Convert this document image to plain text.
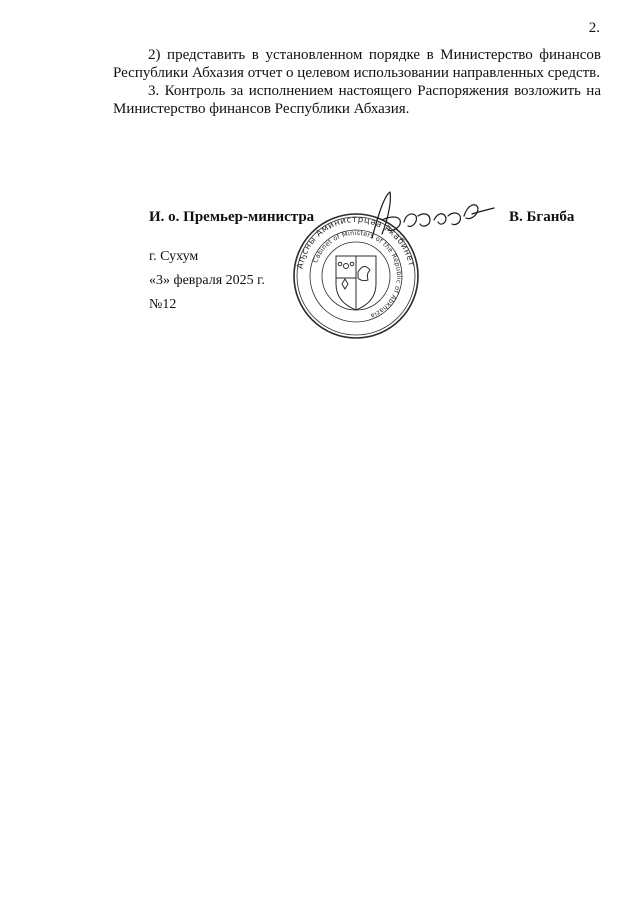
2.

2) представить в установленном порядке в Министерство финансов Республики Абхазия отчет о целевом использовании направленных средств.

3. Контроль за исполнением настоящего Распоряжения возложить на Министерство финансов Республики Абхазия.

И. о. Премьер-министра	В. Бганба
Аҧсны Аминистрцәа Ркабинет
Cabinet of Ministers of the Republic of Abkhazia
г. Сухум
«3» февраля 2025 г.
№12
